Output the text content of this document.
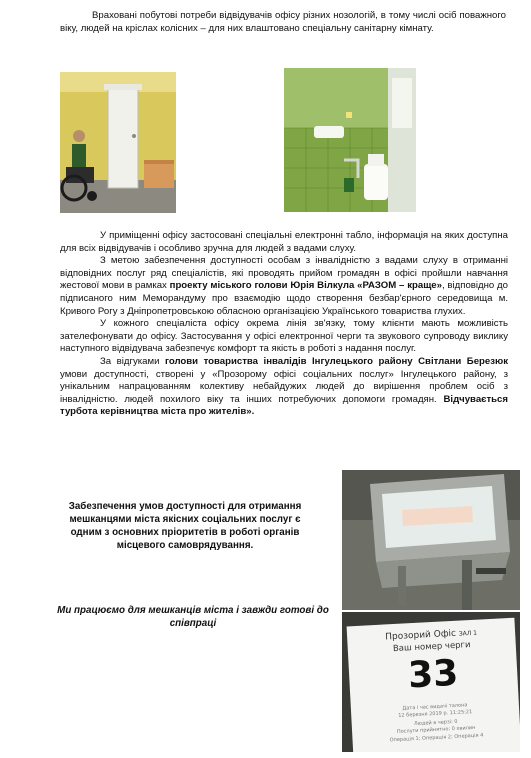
Враховані побутові потреби відвідувачів офісу різних нозологій, в тому числі осіб поважного віку, людей на кріслах колісних – для них влаштовано спеціальну санітарну кімнату.

У приміщенні офісу застосовані спеціальні електронні табло, інформація на яких доступна для всіх відвідувачів і особливо зручна для людей з вадами слуху.

З метою забезпечення доступності особам з інвалідністю з вадами слуху в отриманні відповідних послуг ряд спеціалістів, які проводять прийом громадян в офісі пройшли навчання жестової мови в рамках проекту міського голови Юрія Вілкула «РАЗОМ – краще», відповідно до підписаного ним Меморандуму про взаємодію щодо створення безбар'єрного середовища м. Кривого Рогу з Дніпропетровською обласною організацією Українського товариства глухих.

У кожного спеціаліста офісу окрема лінія зв'язку, тому клієнти мають можливість зателефонувати до офісу. Застосування у офісі електронної черги та звукового супроводу виклику наступного відвідувача забезпечує комфорт та якість в роботі з надання послуг.

За відгуками голови товариства інвалідів Інгулецького району Світлани Березюк умови доступності, створені у «Прозорому офісі соціальних послуг» Інгулецького району, з унікальним напрацюванням колективу небайдужих людей до вирішення проблем осіб з інвалідністю. людей похилого віку та інших потребуючих допомоги громадян. Відчувається турбота керівництва міста про жителів».

Забезпечення умов доступності для отримання мешканцями міста якісних соціальних послуг є одним з основних пріоритетів в роботі органів місцевого самоврядування.
Ми працюємо для мешканців міста і завжди готові до співпраці
Прозорий Офіс ЗАЛ 1
Ваш номер черги
33
Дата і час видачі талона
12 березня 2019 р. 11:25:21
Людей в черзі: 0
Послуги прийнятно: 0 хвилин
Операція 1; Операція 2; Операція 4
